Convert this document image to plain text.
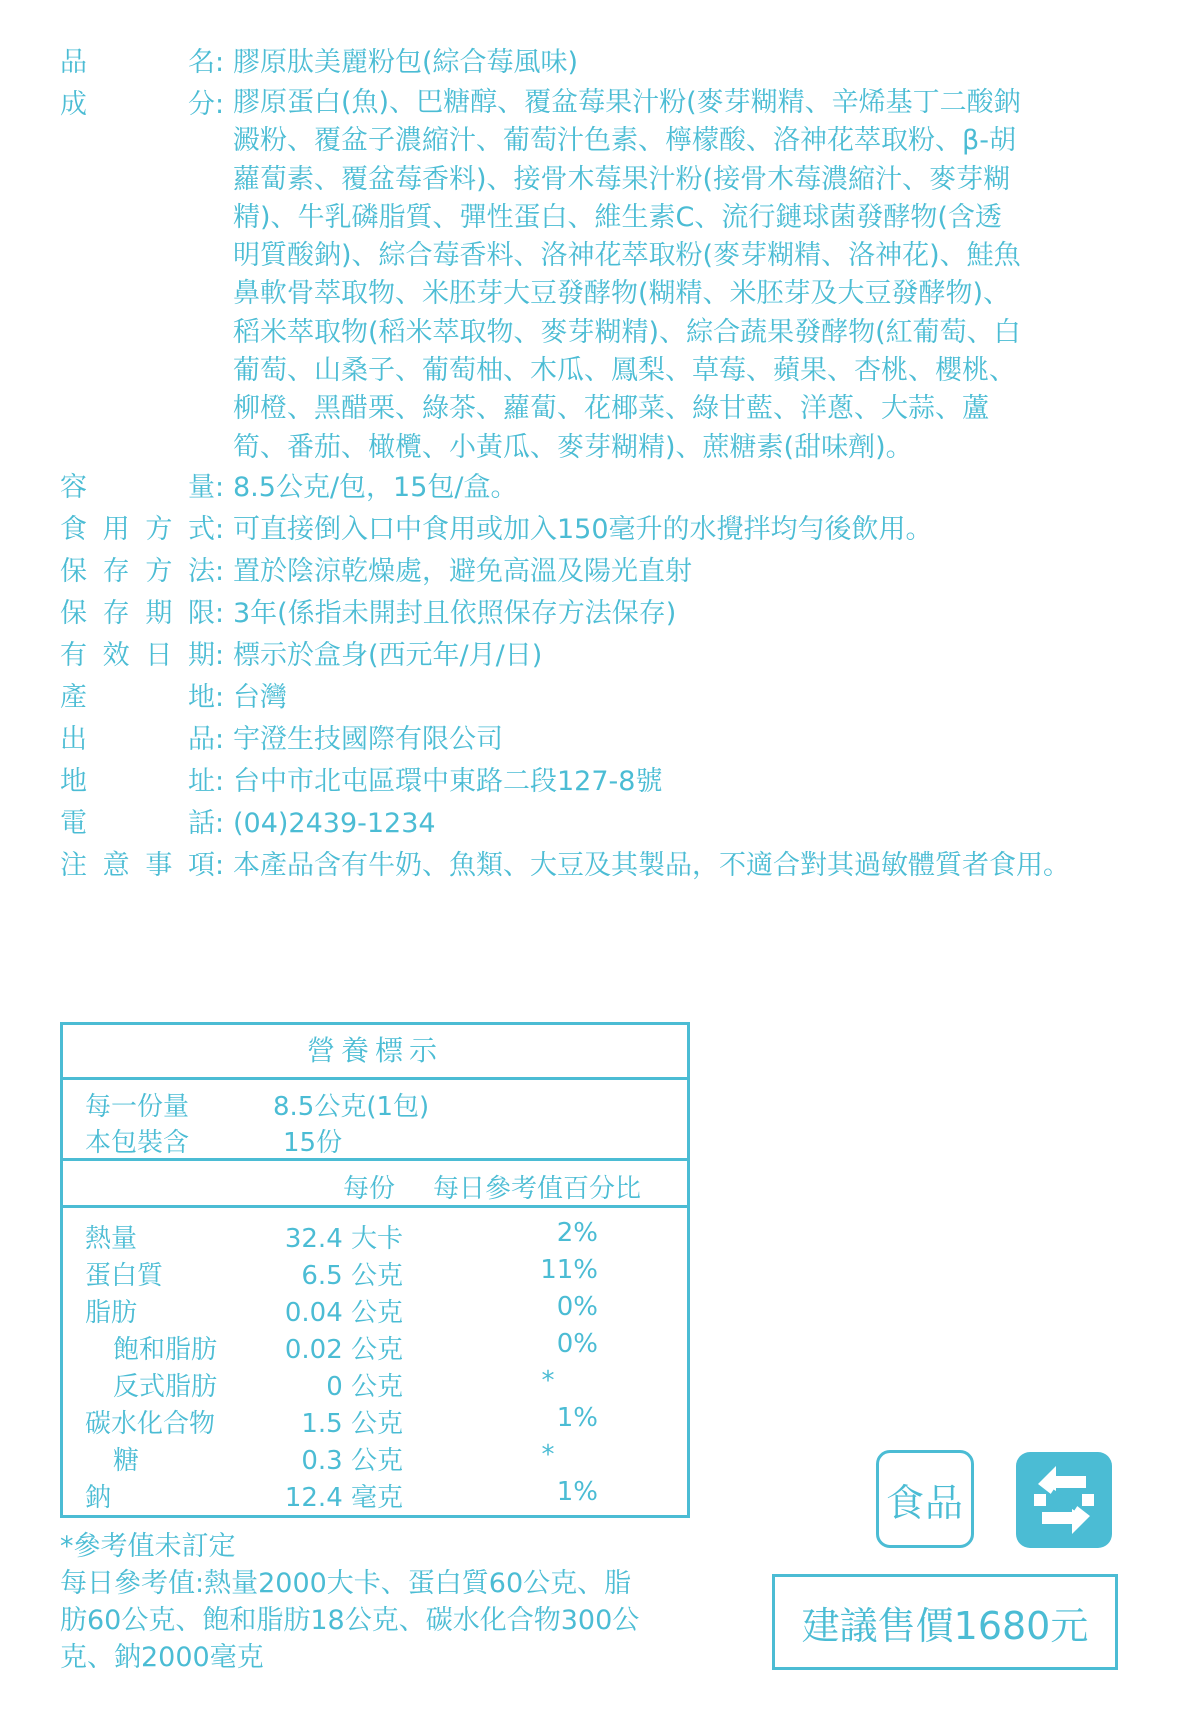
品	名 : 膠原肽美麗粉包(綜合莓風味)
成	分 : 膠原蛋白(魚)、巴糖醇、覆盆莓果汁粉(麥芽糊精、辛烯基丁二酸鈉
澱粉、覆盆子濃縮汁、葡萄汁色素、檸檬酸、洛神花萃取粉、β-胡
蘿蔔素、覆盆莓香料)、接骨木莓果汁粉(接骨木莓濃縮汁、麥芽糊
精)、牛乳磷脂質、彈性蛋白、維生素C、流行鏈球菌發酵物(含透
明質酸鈉)、綜合莓香料、洛神花萃取粉(麥芽糊精、洛神花)、鮭魚
鼻軟骨萃取物、米胚芽大豆發酵物(糊精、米胚芽及大豆發酵物)、
稻米萃取物(稻米萃取物、麥芽糊精)、綜合蔬果發酵物(紅葡萄、白
葡萄、山桑子、葡萄柚、木瓜、鳳梨、草莓、蘋果、杏桃、櫻桃、
柳橙、黑醋栗、綠茶、蘿蔔、花椰菜、綠甘藍、洋蔥、大蒜、蘆
筍、番茄、橄欖、小黃瓜、麥芽糊精)、蔗糖素(甜味劑)。
容	量 : 8.5公克/包，15包/盒。
食 用 方 式 : 可直接倒入口中食用或加入150毫升的水攪拌均勻後飲用。
保 存 方 法 : 置於陰涼乾燥處，避免高溫及陽光直射
保 存 期 限 : 3年(係指未開封且依照保存方法保存)
有 效 日 期 : 標示於盒身(西元年/月/日)
產	地 : 台灣
出	品 : 宇澄生技國際有限公司
地	址 : 台中市北屯區環中東路二段127-8號
電	話 : (04)2439-1234
注 意 事 項 : 本產品含有牛奶、魚類、大豆及其製品，不適合對其過敏體質者食用。
營養標示
每一份量	8.5公克(1包)
本包裝含	15份
每份 每日參考值百分比
熱量	32.4 大卡	2%
蛋白質	6.5 公克	11%
脂肪	0.04 公克	0%
飽和脂肪	0.02 公克	0%
反式脂肪	0 公克	*
碳水化合物	1.5 公克	1%
糖	0.3 公克	*
鈉	12.4 毫克	1%
*參考值未訂定
每日參考值:熱量2000大卡、蛋白質60公克、脂
肪60公克、飽和脂肪18公克、碳水化合物300公
克、鈉2000毫克
食品
建議售價1680元
